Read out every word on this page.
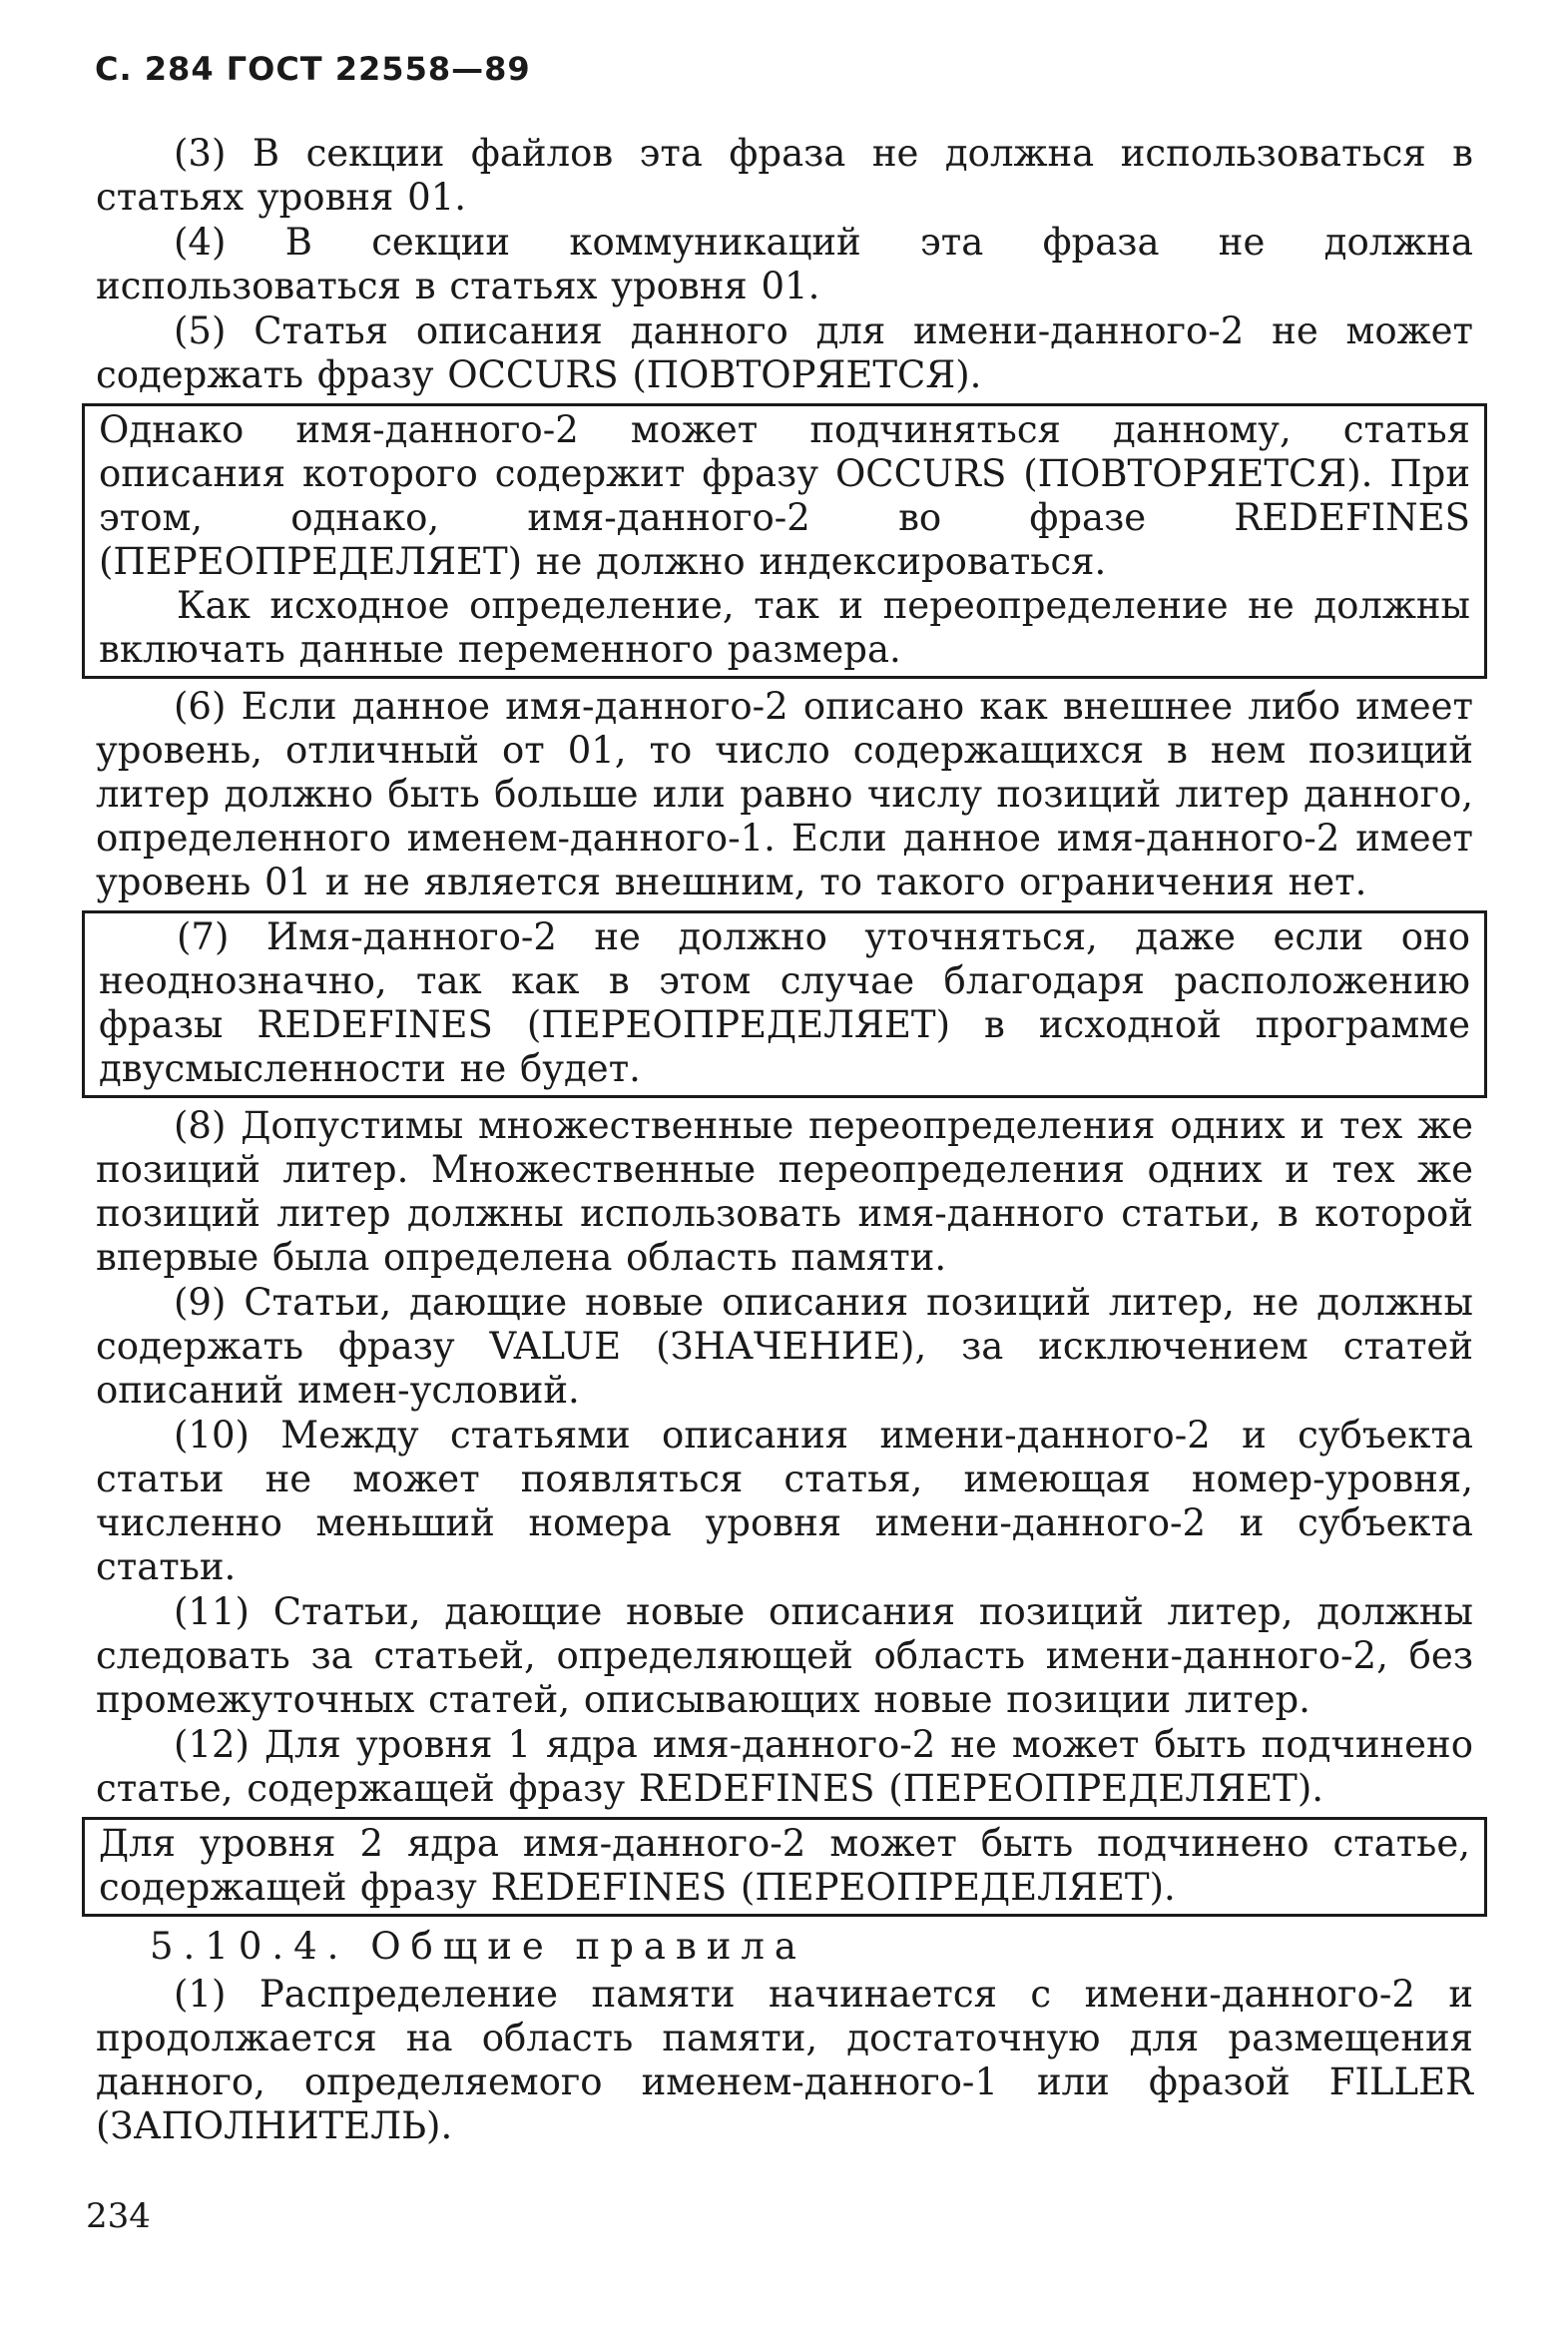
С. 284 ГОСТ 22558—89

(3) В секции файлов эта фраза не должна использоваться в статьях уровня 01.

(4) В секции коммуникаций эта фраза не должна использоваться в статьях уровня 01.

(5) Статья описания данного для имени-данного-2 не может содержать фразу OCCURS (ПОВТОРЯЕТСЯ).

Однако имя-данного-2 может подчиняться данному, статья описания которого содержит фразу OCCURS (ПОВТОРЯЕТСЯ). При этом, однако, имя-данного-2 во фразе REDEFINES (ПЕРЕОПРЕДЕЛЯЕТ) не должно индексироваться.

Как исходное определение, так и переопределение не должны включать данные переменного размера.

(6) Если данное имя-данного-2 описано как внешнее либо имеет уровень, отличный от 01, то число содержащихся в нем позиций литер должно быть больше или равно числу позиций литер данного, определенного именем-данного-1. Если данное имя-данного-2 имеет уровень 01 и не является внешним, то такого ограничения нет.

(7) Имя-данного-2 не должно уточняться, даже если оно неоднозначно, так как в этом случае благодаря расположению фразы REDEFINES (ПЕРЕОПРЕДЕЛЯЕТ) в исходной программе двусмысленности не будет.

(8) Допустимы множественные переопределения одних и тех же позиций литер. Множественные переопределения одних и тех же позиций литер должны использовать имя-данного статьи, в которой впервые была определена область памяти.

(9) Статьи, дающие новые описания позиций литер, не должны содержать фразу VALUE (ЗНАЧЕНИЕ), за исключением статей описаний имен-условий.

(10) Между статьями описания имени-данного-2 и субъекта статьи не может появляться статья, имеющая номер-уровня, численно меньший номера уровня имени-данного-2 и субъекта статьи.

(11) Статьи, дающие новые описания позиций литер, должны следовать за статьей, определяющей область имени-данного-2, без промежуточных статей, описывающих новые позиции литер.

(12) Для уровня 1 ядра имя-данного-2 не может быть подчинено статье, содержащей фразу REDEFINES (ПЕРЕОПРЕДЕЛЯЕТ).

Для уровня 2 ядра имя-данного-2 может быть подчинено статье, содержащей фразу REDEFINES (ПЕРЕОПРЕДЕЛЯЕТ).

5.10.4. Общие правила

(1) Распределение памяти начинается с имени-данного-2 и продолжается на область памяти, достаточную для размещения данного, определяемого именем-данного-1 или фразой FILLER (ЗАПОЛНИТЕЛЬ).

234
